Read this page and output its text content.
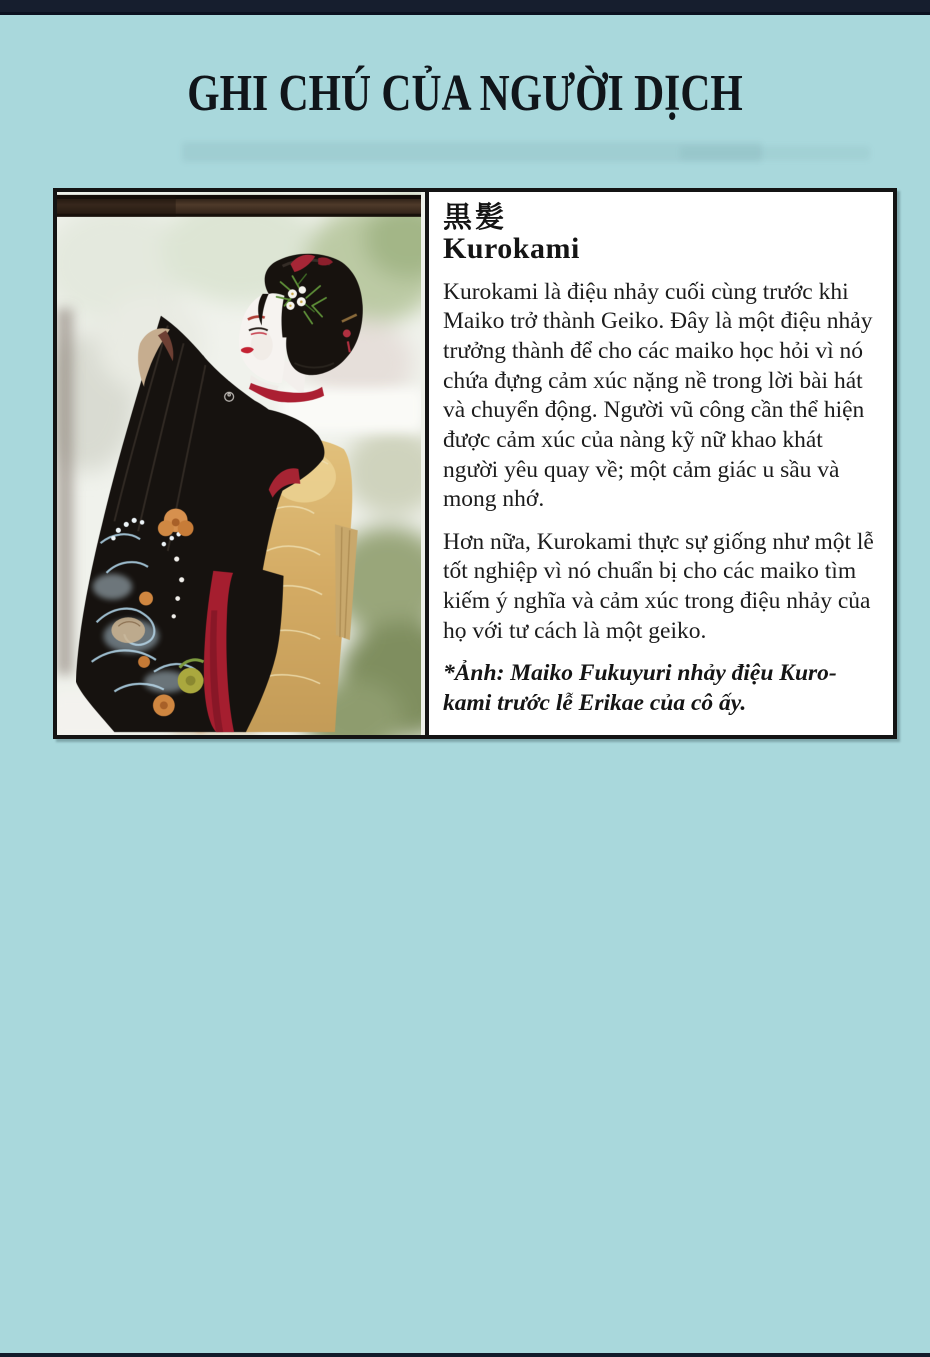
GHI CHÚ CỦA NGƯỜI DỊCH
黒髪
Kurokami

Kurokami là điệu nhảy cuối cùng trước khi Maiko trở thành Geiko. Đây là một điệu nhảy trưởng thành để cho các maiko học hỏi vì nó chứa đựng cảm xúc nặng nề trong lời bài hát và chuyển động. Người vũ công cần thể hiện được cảm xúc của nàng kỹ nữ khao khát người yêu quay về; một cảm giác u sầu và mong nhớ.

Hơn nữa, Kurokami thực sự giống như một lễ tốt nghiệp vì nó chuẩn bị cho các maiko tìm kiếm ý nghĩa và cảm xúc trong điệu nhảy của họ với tư cách là một geiko.

*Ảnh: Maiko Fukuyuri nhảy điệu Kuro-
kami trước lễ Erikae của cô ấy.
